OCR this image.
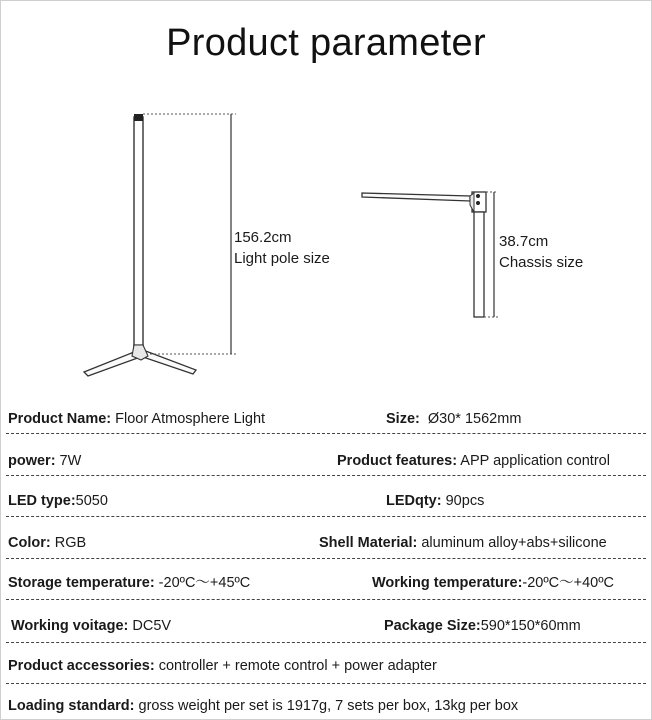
Product parameter
156.2cm
Light pole size
38.7cm
Chassis size
Product Name: Floor Atmosphere Light	Size:  Ø30* 1562mm
power: 7W	Product features: APP application control
LED type:5050	LEDqty: 90pcs
Color: RGB	Shell Material: aluminum alloy+abs+silicone
Storage temperature: -20ºC～+45ºC	Working temperature:-20ºC～+40ºC
Working voitage: DC5V	Package Size:590*150*60mm
Product accessories: controller + remote control + power adapter
Loading standard: gross weight per set is 1917g, 7 sets per box, 13kg per box
